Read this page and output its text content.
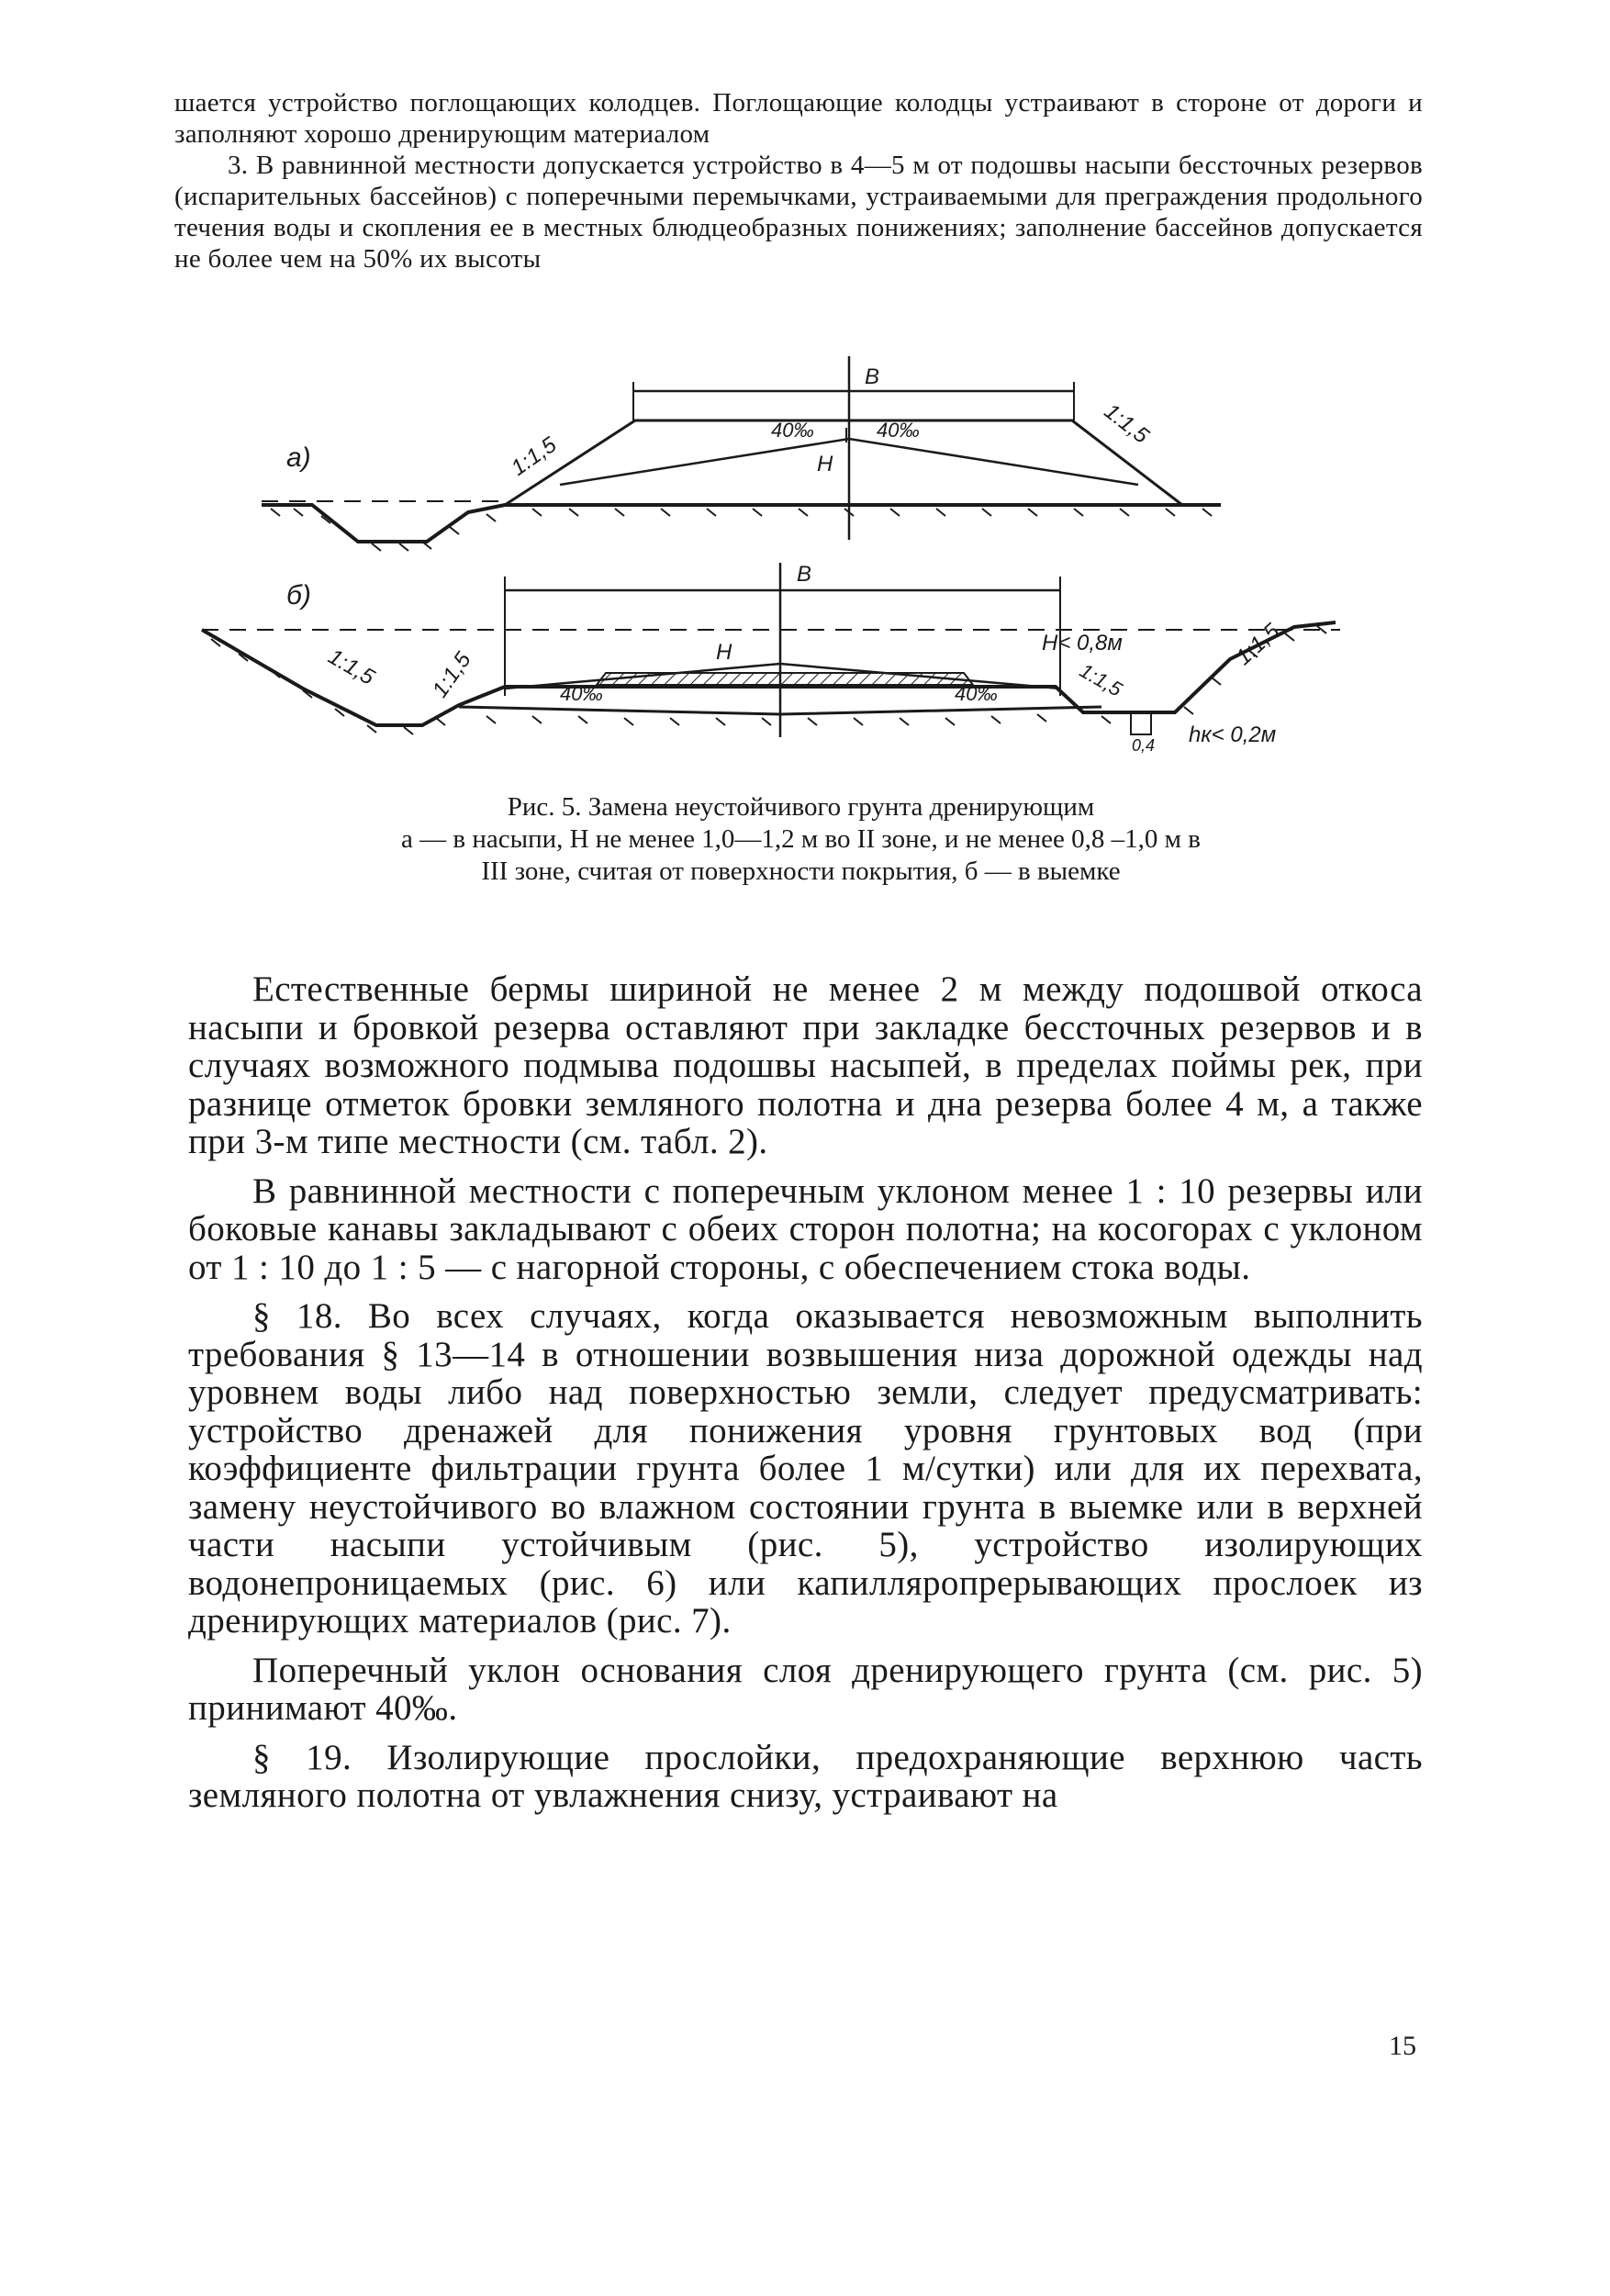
шается устройство поглощающих колодцев. Поглощающие колодцы устраивают в стороне от дороги и заполняют хорошо дренирующим материалом

3. В равнинной местности допускается устройство в 4—5 м от подошвы насыпи бессточных резервов (испарительных бассейнов) с поперечными перемычками, устраиваемыми для преграждения продольного течения воды и скопления ее в местных блюдцеобразных понижениях; заполнение бассейнов допускается не более чем на 50% их высоты

В
40‰	40‰
Н
1:1,5
1:1,5
а)
В
б)
Н
40‰	40‰
Н< 0,8м
hк< 0,2м
0,4
1:1,5 1:1,5	1:1,5
1:1,5
Рис. 5. Замена неустойчивого грунта дренирующим
а — в насыпи, Н не менее 1,0—1,2 м во II зоне, и не менее 0,8 –1,0 м в
III зоне, считая от поверхности покрытия, б — в выемке

Естественные бермы шириной не менее 2 м между подошвой откоса насыпи и бровкой резерва оставляют при закладке бессточных резервов и в случаях возможного подмыва подошвы насыпей, в пределах поймы рек, при разнице отметок бровки земляного полотна и дна резерва более 4 м, а также при 3-м типе местности (см. табл. 2).

В равнинной местности с поперечным уклоном менее 1 : 10 резервы или боковые канавы закладывают с обеих сторон полотна; на косогорах с уклоном от 1 : 10 до 1 : 5 — с нагорной стороны, с обеспечением стока воды.

§ 18. Во всех случаях, когда оказывается невозможным выполнить требования § 13—14 в отношении возвышения низа дорожной одежды над уровнем воды либо над поверхностью земли, следует предусматривать: устройство дренажей для понижения уровня грунтовых вод (при коэффициенте фильтрации грунта более 1 м/сутки) или для их перехвата, замену неустойчивого во влажном состоянии грунта в выемке или в верхней части насыпи устойчивым (рис. 5), устройство изолирующих водонепроницаемых (рис. 6) или капилляропрерывающих прослоек из дренирующих материалов (рис. 7).

Поперечный уклон основания слоя дренирующего грунта (см. рис. 5) принимают 40‰.

§ 19. Изолирующие прослойки, предохраняющие верхнюю часть земляного полотна от увлажнения снизу, устраивают на

15
